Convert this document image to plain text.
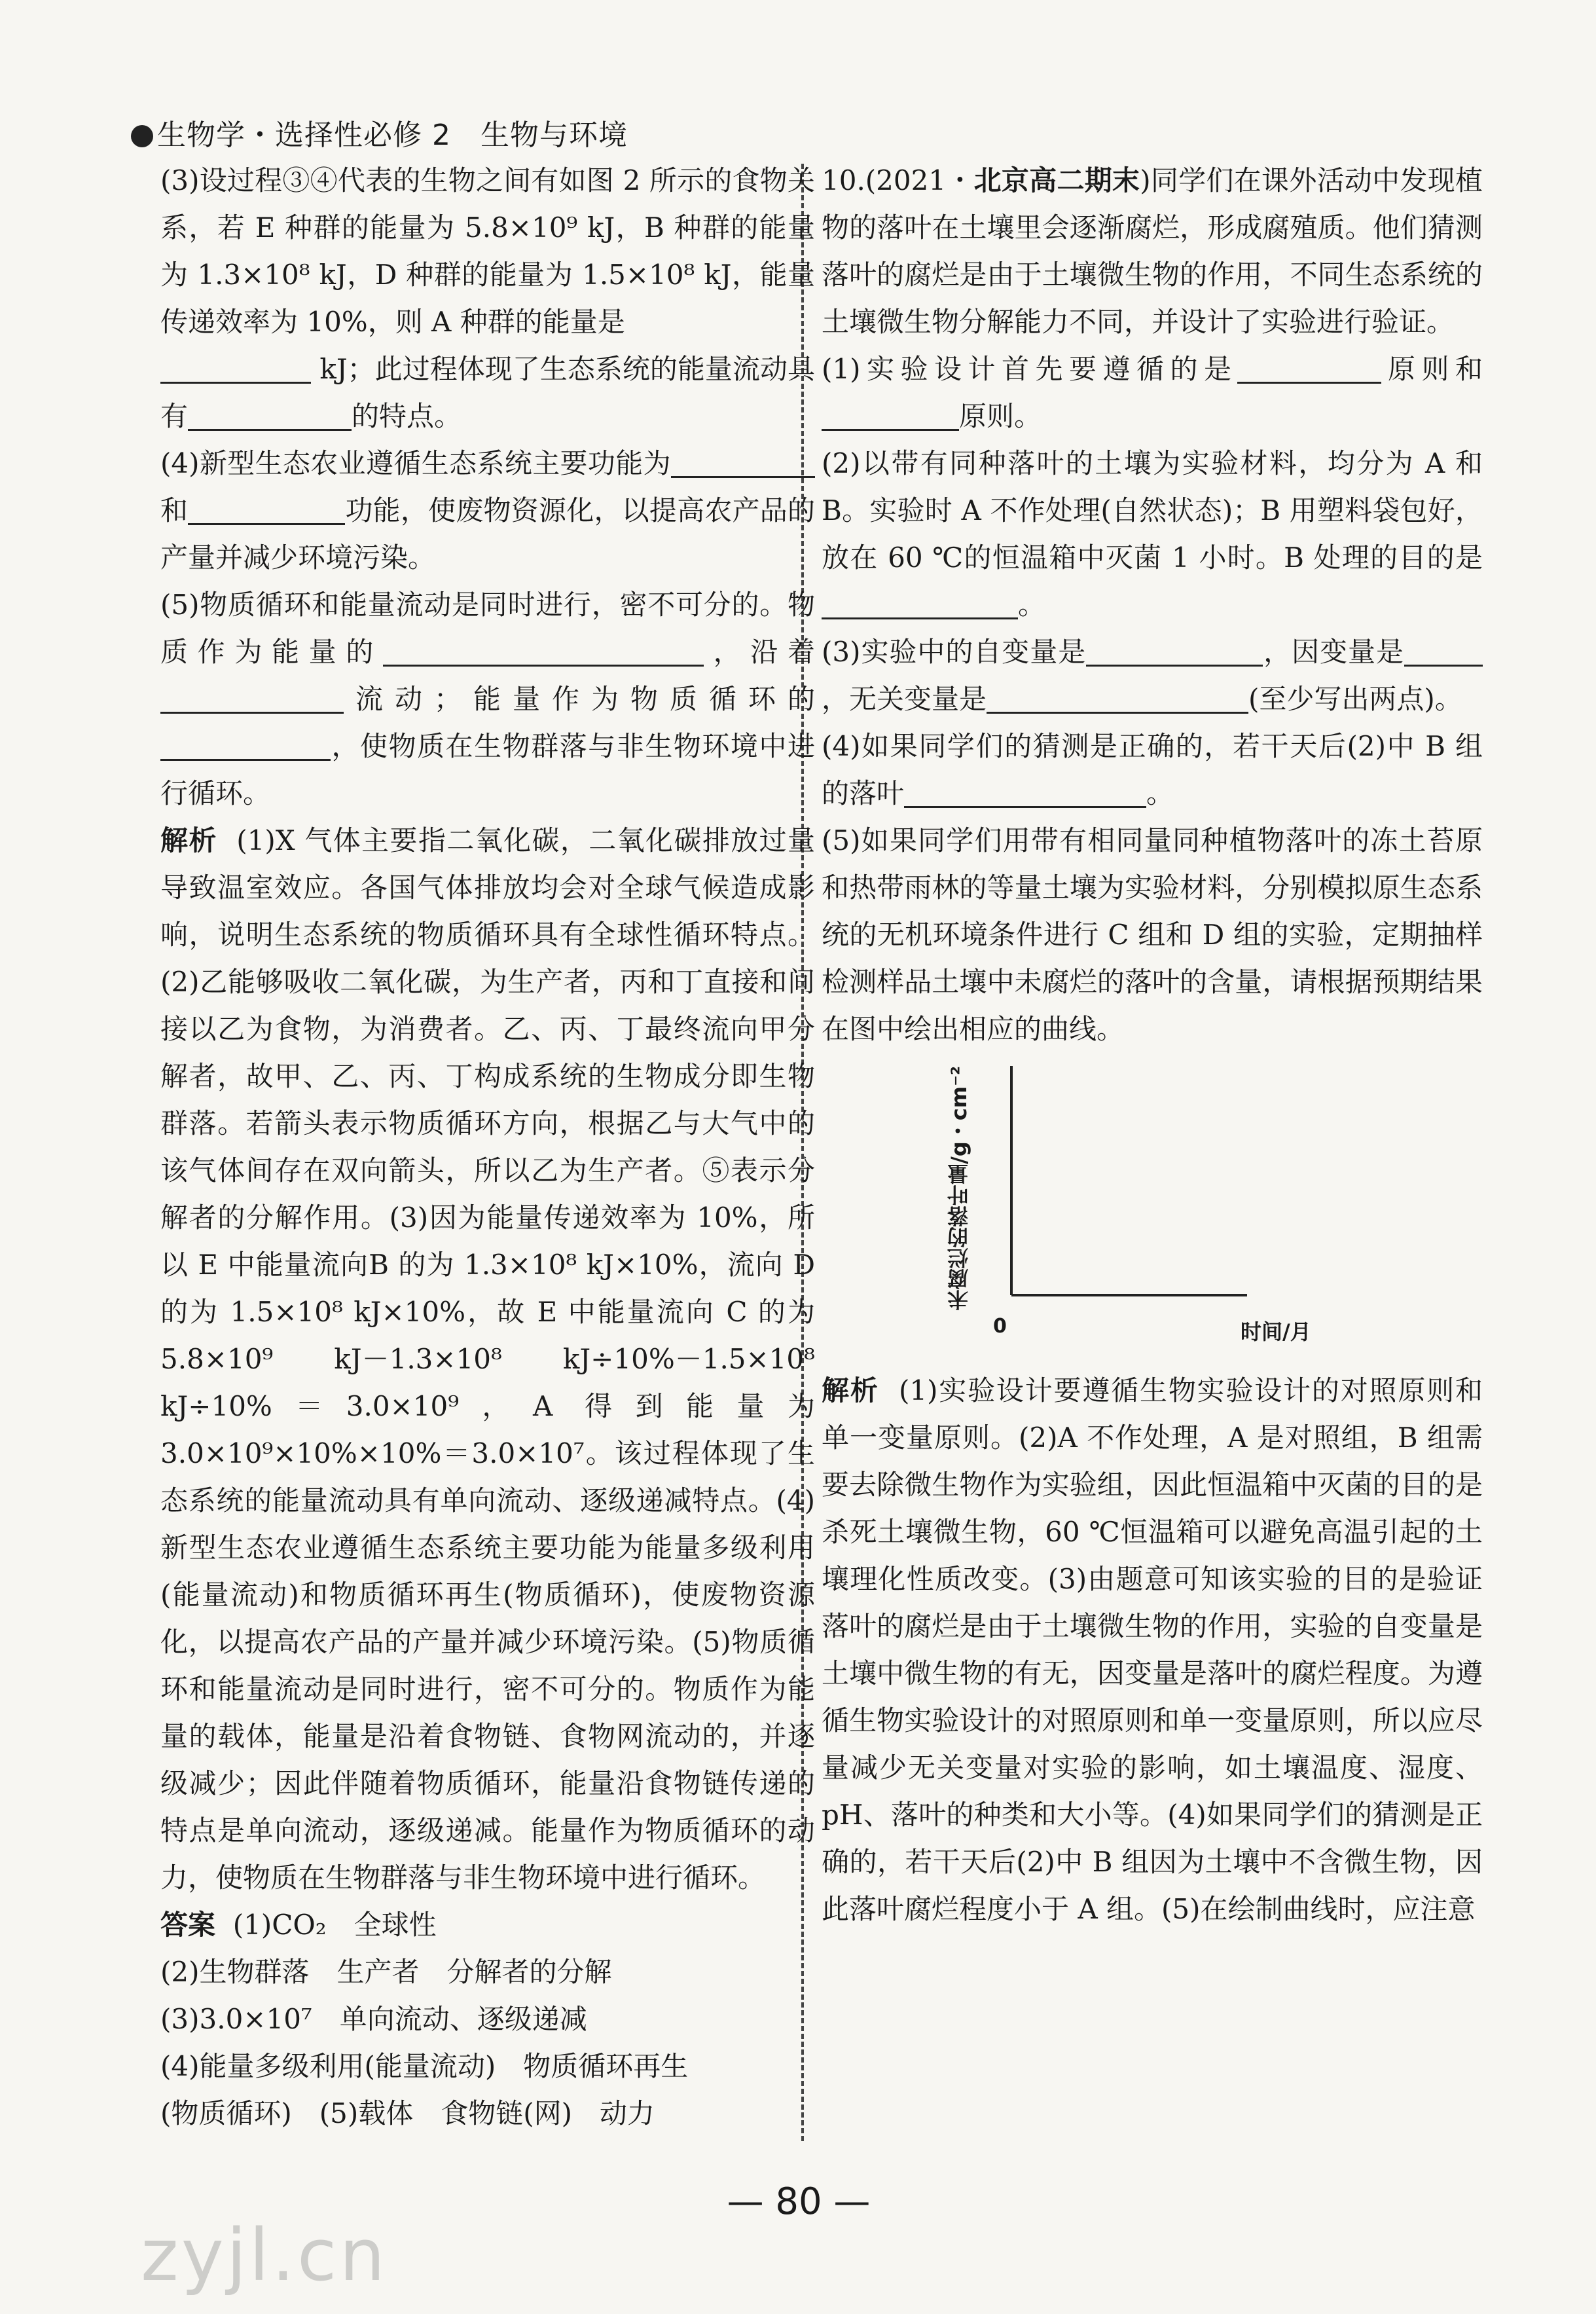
生物学・选择性必修 2　生物与环境

(3)设过程③④代表的生物之间有如图 2 所示的食物关系，若 E 种群的能量为 5.8×10⁹ kJ，B 种群的能量为 1.3×10⁸ kJ，D 种群的能量为 1.5×10⁸ kJ，能量传递效率为 10%，则 A 种群的能量是

kJ；此过程体现了生态系统的能量流动具有	的特点。

(4)新型生态农业遵循生态系统主要功能为和	功能，使废物资源化，以提高农产品的产量并减少环境污染。

(5)物质循环和能量流动是同时进行，密不可分的。物质作为能量的	，沿着流动；能量作为物质循环的，使物质在生物群落与非生物环境中进行循环。

解析 (1)X 气体主要指二氧化碳，二氧化碳排放过量导致温室效应。各国气体排放均会对全球气候造成影响，说明生态系统的物质循环具有全球性循环特点。(2)乙能够吸收二氧化碳，为生产者，丙和丁直接和间接以乙为食物，为消费者。乙、丙、丁最终流向甲分解者，故甲、乙、丙、丁构成系统的生物成分即生物群落。若箭头表示物质循环方向，根据乙与大气中的该气体间存在双向箭头，所以乙为生产者。⑤表示分解者的分解作用。(3)因为能量传递效率为 10%，所以 E 中能量流向B 的为 1.3×10⁸ kJ×10%，流向 D 的为 1.5×10⁸ kJ×10%，故 E 中能量流向 C 的为 5.8×10⁹ kJ－1.3×10⁸ kJ÷10%－1.5×10⁸ kJ÷10%＝3.0×10⁹，A 得到能量为 3.0×10⁹×10%×10%＝3.0×10⁷。该过程体现了生态系统的能量流动具有单向流动、逐级递减特点。(4)新型生态农业遵循生态系统主要功能为能量多级利用(能量流动)和物质循环再生(物质循环)，使废物资源化，以提高农产品的产量并减少环境污染。(5)物质循环和能量流动是同时进行，密不可分的。物质作为能量的载体，能量是沿着食物链、食物网流动的，并逐级减少；因此伴随着物质循环，能量沿食物链传递的特点是单向流动，逐级递减。能量作为物质循环的动力，使物质在生物群落与非生物环境中进行循环。

答案 (1)CO₂　全球性

(2)生物群落　生产者　分解者的分解

(3)3.0×10⁷　单向流动、逐级递减

(4)能量多级利用(能量流动)　物质循环再生

(物质循环)　(5)载体　食物链(网)　动力

10.(2021・北京高二期末)同学们在课外活动中发现植物的落叶在土壤里会逐渐腐烂，形成腐殖质。他们猜测落叶的腐烂是由于土壤微生物的作用，不同生态系统的土壤微生物分解能力不同，并设计了实验进行验证。

(1)实验设计首先要遵循的是	原则和原则。

(2)以带有同种落叶的土壤为实验材料，均分为 A 和 B。实验时 A 不作处理(自然状态)；B 用塑料袋包好，放在 60 ℃的恒温箱中灭菌 1 小时。B 处理的目的是。

(3)实验中的自变量是	，因变量是，无关变量是	(至少写出两点)。

(4)如果同学们的猜测是正确的，若干天后(2)中 B 组的落叶	。

(5)如果同学们用带有相同量同种植物落叶的冻土苔原和热带雨林的等量土壤为实验材料，分别模拟原生态系统的无机环境条件进行 C 组和 D 组的实验，定期抽样检测样品土壤中未腐烂的落叶的含量，请根据预期结果在图中绘出相应的曲线。

未腐烂的落叶量/g・cm⁻²
0	时间/月

解析 (1)实验设计要遵循生物实验设计的对照原则和单一变量原则。(2)A 不作处理，A 是对照组，B 组需要去除微生物作为实验组，因此恒温箱中灭菌的目的是杀死土壤微生物，60 ℃恒温箱可以避免高温引起的土壤理化性质改变。(3)由题意可知该实验的目的是验证落叶的腐烂是由于土壤微生物的作用，实验的自变量是土壤中微生物的有无，因变量是落叶的腐烂程度。为遵循生物实验设计的对照原则和单一变量原则，所以应尽量减少无关变量对实验的影响，如土壤温度、湿度、pH、落叶的种类和大小等。(4)如果同学们的猜测是正确的，若干天后(2)中 B 组因为土壤中不含微生物，因此落叶腐烂程度小于 A 组。(5)在绘制曲线时，应注意

— 80 —
zyjl.cn
